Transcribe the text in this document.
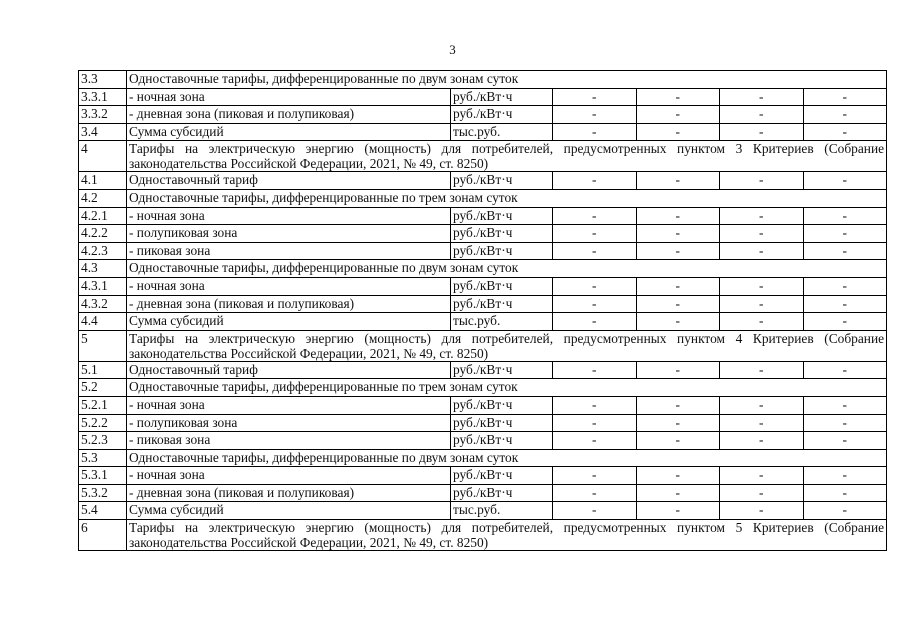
3
3.3	Одноставочные тарифы, дифференцированные по двум зонам суток					
3.3.1	- ночная зона	руб./кВт·ч	-	-	-	-
3.3.2	- дневная зона (пиковая и полупиковая)	руб./кВт·ч	-	-	-	-
3.4	Сумма субсидий	тыс.руб.	-	-	-	-
4	Тарифы на электрическую энергию (мощность) для потребителей, предусмотренных пунктом 3 Критериев (Собрание законодательства Российской Федерации, 2021, № 49, ст. 8250)					
4.1	Одноставочный тариф	руб./кВт·ч	-	-	-	-
4.2	Одноставочные тарифы, дифференцированные по трем зонам суток					
4.2.1	- ночная зона	руб./кВт·ч	-	-	-	-
4.2.2	- полупиковая зона	руб./кВт·ч	-	-	-	-
4.2.3	- пиковая зона	руб./кВт·ч	-	-	-	-
4.3	Одноставочные тарифы, дифференцированные по двум зонам суток					
4.3.1	- ночная зона	руб./кВт·ч	-	-	-	-
4.3.2	- дневная зона (пиковая и полупиковая)	руб./кВт·ч	-	-	-	-
4.4	Сумма субсидий	тыс.руб.	-	-	-	-
5	Тарифы на электрическую энергию (мощность) для потребителей, предусмотренных пунктом 4 Критериев (Собрание законодательства Российской Федерации, 2021, № 49, ст. 8250)					
5.1	Одноставочный тариф	руб./кВт·ч	-	-	-	-
5.2	Одноставочные тарифы, дифференцированные по трем зонам суток					
5.2.1	- ночная зона	руб./кВт·ч	-	-	-	-
5.2.2	- полупиковая зона	руб./кВт·ч	-	-	-	-
5.2.3	- пиковая зона	руб./кВт·ч	-	-	-	-
5.3	Одноставочные тарифы, дифференцированные по двум зонам суток					
5.3.1	- ночная зона	руб./кВт·ч	-	-	-	-
5.3.2	- дневная зона (пиковая и полупиковая)	руб./кВт·ч	-	-	-	-
5.4	Сумма субсидий	тыс.руб.	-	-	-	-
6	Тарифы на электрическую энергию (мощность) для потребителей, предусмотренных пунктом 5 Критериев (Собрание законодательства Российской Федерации, 2021, № 49, ст. 8250)					
